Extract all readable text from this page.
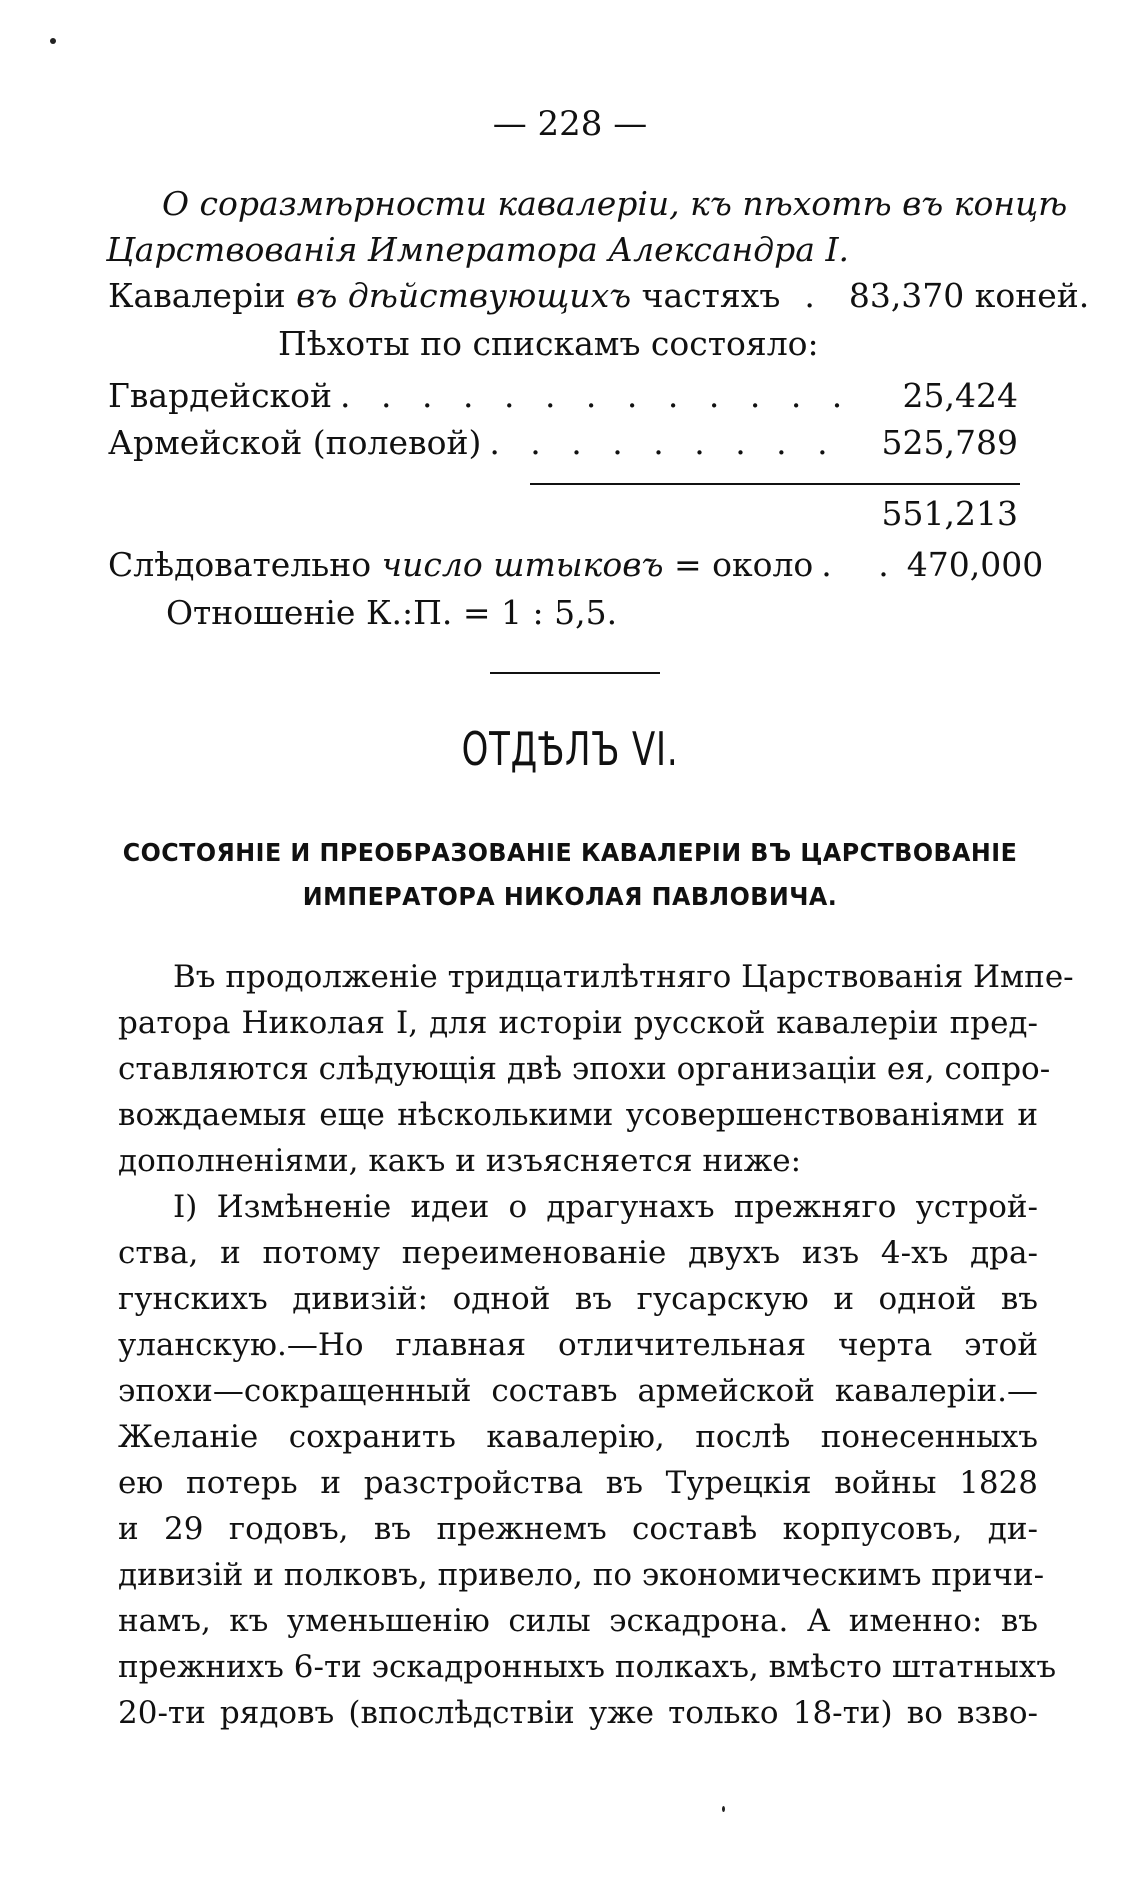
— 228 —
О соразмѣрности кавалеріи, къ пѣхотѣ въ концѣ
Царствованія Императора Александра I.
Кавалеріи въ дѣйствующихъ частяхъ . 83,370 коней.
Пѣхоты по спискамъ состояло:
Гвардейской . . . . . . . . . . . . .	25,424
Армейской (полевой) . . . . . . . . .	525,789
551,213
Слѣдовательно число штыковъ = около . . 470,000
Отношеніе К.:П. = 1 : 5,5.
ОТДѢЛЪ VI.
СОСТОЯНІЕ И ПРЕОБРАЗОВАНІЕ КАВАЛЕРІИ ВЪ ЦАРСТВОВАНІЕ
ИМПЕРАТОРА НИКОЛАЯ ПАВЛОВИЧА.
Въ продолженіе тридцатилѣтняго Царствованія Импе-
ратора Николая I, для исторіи русской кавалеріи пред-
ставляются слѣдующія двѣ эпохи организаціи ея, сопро-
вождаемыя еще нѣсколькими усовершенствованіями и
дополненіями, какъ и изъясняется ниже:
I) Измѣненіе идеи о драгунахъ прежняго устрой-
ства, и потому переименованіе двухъ изъ 4-хъ дра-
гунскихъ дивизій: одной въ гусарскую и одной въ
уланскую.—Но главная отличительная черта этой
эпохи—сокращенный составъ армейской кавалеріи.—
Желаніе сохранить кавалерію, послѣ понесенныхъ
ею потерь и разстройства въ Турецкія войны 1828
и 29 годовъ, въ прежнемъ составѣ корпусовъ, ди-
дивизій и полковъ, привело, по экономическимъ причи-
намъ, къ уменьшенію силы эскадрона. А именно: въ
прежнихъ 6-ти эскадронныхъ полкахъ, вмѣсто штатныхъ
20-ти рядовъ (впослѣдствіи уже только 18-ти) во взво-
